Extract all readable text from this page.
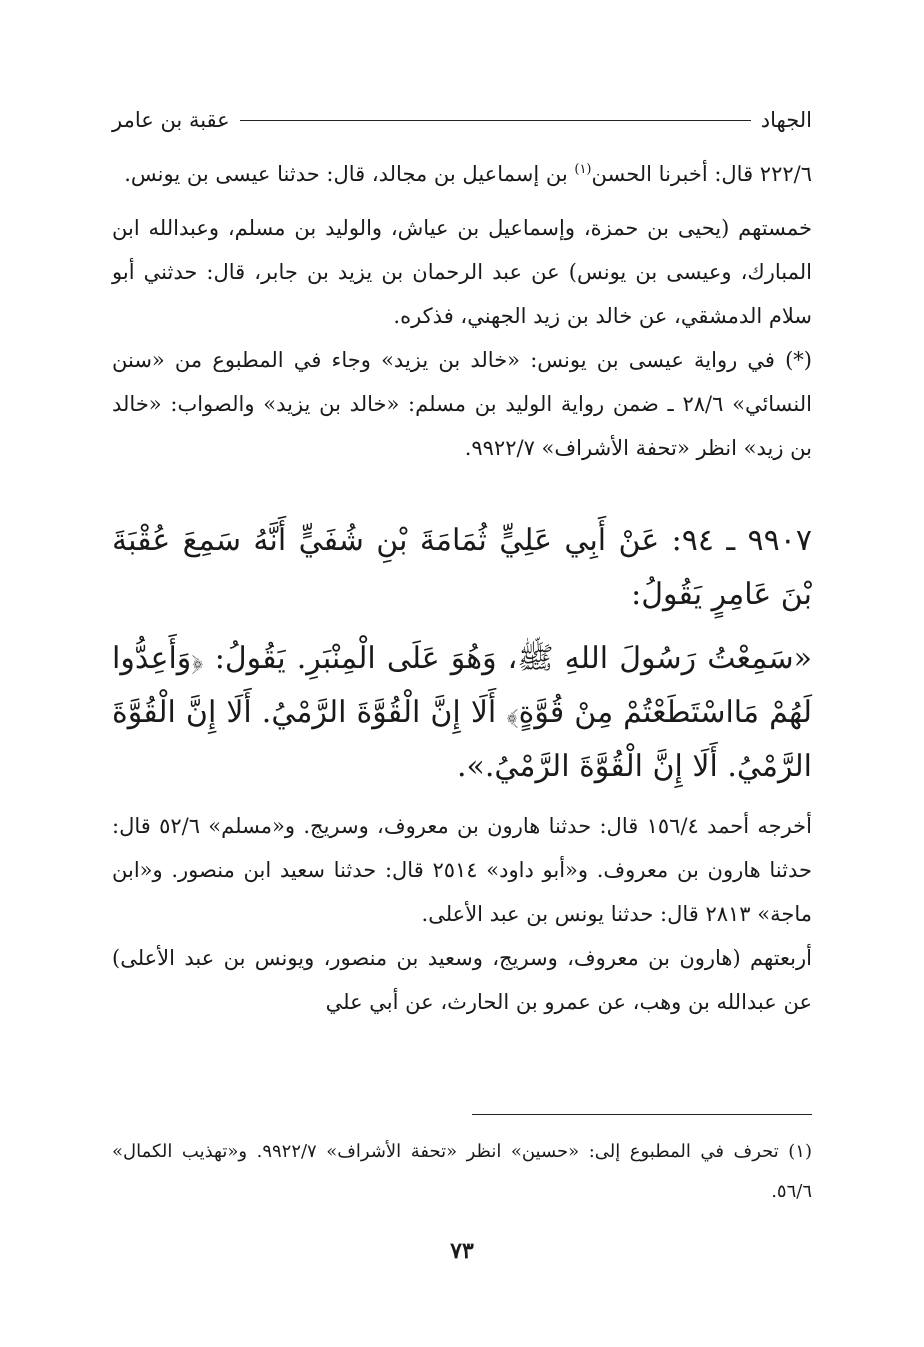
الجهاد
عقبة بن عامر

٢٢٢/٦ قال: أخبرنا الحسن$^{(١)}$ بن إسماعيل بن مجالد، قال: حدثنا عيسى بن يونس.

خمستهم (يحيى بن حمزة، وإسماعيل بن عياش، والوليد بن مسلم، وعبدالله ابن المبارك، وعيسى بن يونس) عن عبد الرحمان بن يزيد بن جابر، قال: حدثني أبو سلام الدمشقي، عن خالد بن زيد الجهني، فذكره.

(*) في رواية عيسى بن يونس: «خالد بن يزيد» وجاء في المطبوع من «سنن النسائي» ٢٨/٦ ـ ضمن رواية الوليد بن مسلم: «خالد بن يزيد» والصواب: «خالد بن زيد» انظر «تحفة الأشراف» ٩٩٢٢/٧.

٩٩٠٧ ـ ٩٤: عَنْ أَبِي عَلِيٍّ ثُمَامَةَ بْنِ شُفَيٍّ أَنَّهُ سَمِعَ عُقْبَةَ بْنَ عَامِرٍ يَقُولُ:

«سَمِعْتُ رَسُولَ اللهِ ﷺ، وَهُوَ عَلَى الْمِنْبَرِ. يَقُولُ: ﴿وَأَعِدُّوا لَهُمْ مَااسْتَطَعْتُمْ مِنْ قُوَّةٍ﴾ أَلَا إِنَّ الْقُوَّةَ الرَّمْيُ. أَلَا إِنَّ الْقُوَّةَ الرَّمْيُ. أَلَا إِنَّ الْقُوَّةَ الرَّمْيُ.».

أخرجه أحمد ١٥٦/٤ قال: حدثنا هارون بن معروف، وسريج. و«مسلم» ٥٢/٦ قال: حدثنا هارون بن معروف. و«أبو داود» ٢٥١٤ قال: حدثنا سعيد ابن منصور. و«ابن ماجة» ٢٨١٣ قال: حدثنا يونس بن عبد الأعلى.

أربعتهم (هارون بن معروف، وسريج، وسعيد بن منصور، ويونس بن عبد الأعلى) عن عبدالله بن وهب، عن عمرو بن الحارث، عن أبي علي

(١) تحرف في المطبوع إلى: «حسين» انظر «تحفة الأشراف» ٩٩٢٢/٧. و«تهذيب الكمال» ٥٦/٦.
٧٣
